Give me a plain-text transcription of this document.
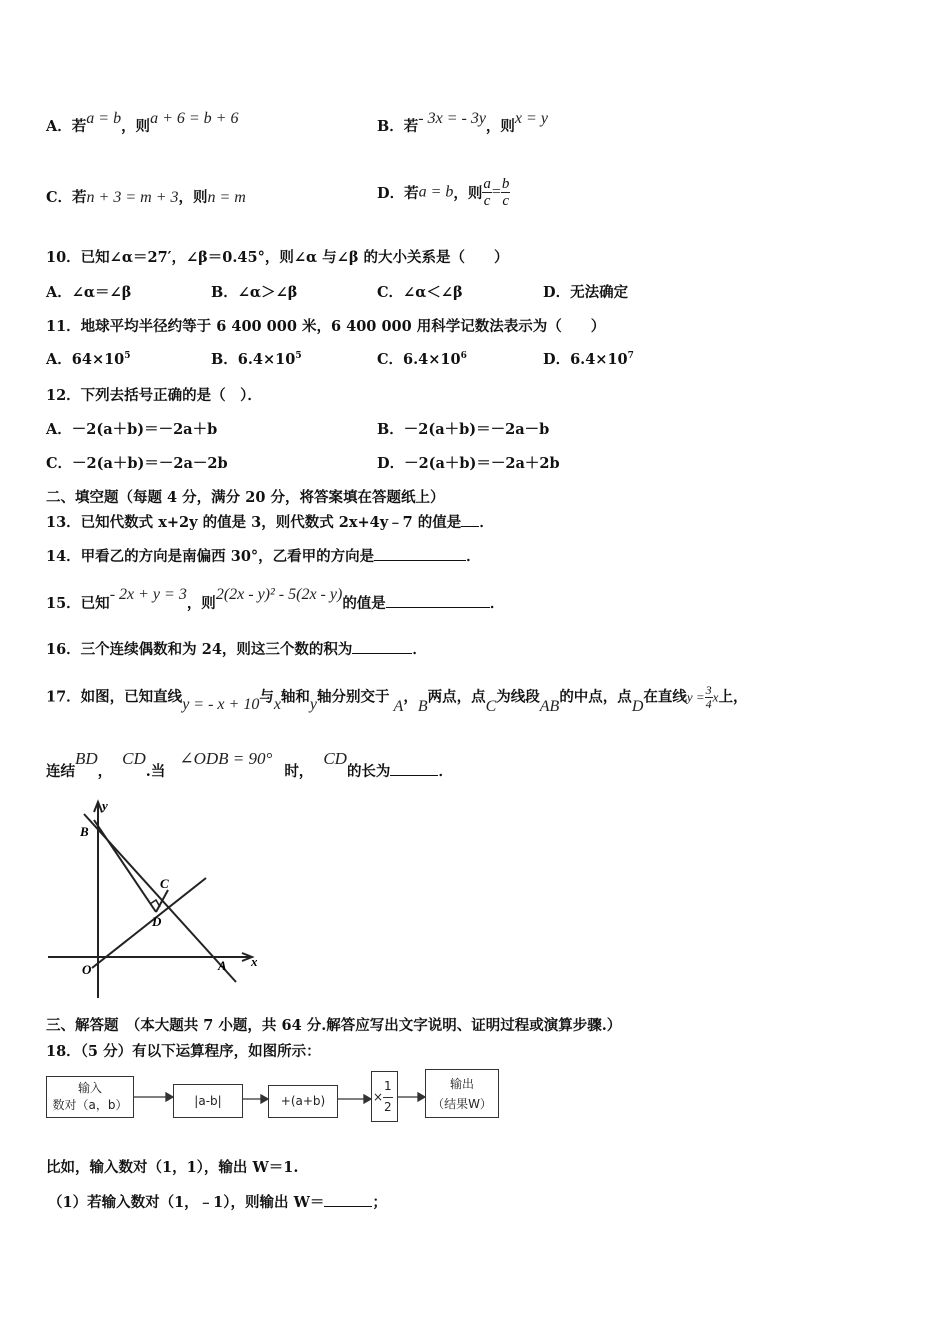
A．若a = b，则a + 6 = b + 6	B．若- 3x = - 3y，则x = y
C．若n + 3 = m + 3，则n = m	D．若a = b，则 $\frac{a}{c} = \frac{b}{c}$
10．已知∠α＝27′，∠β＝0.45°，则∠α 与∠β 的大小关系是（　　）
A．∠α＝∠β	B．∠α＞∠β	C．∠α＜∠β	D．无法确定
11．地球平均半径约等于 6 400 000 米，6 400 000 用科学记数法表示为（　　）
A．$64\times 10^5$	B．$6.4\times 10^5$	C．$6.4\times 10^6$	D．$6.4\times 10^7$
12．下列去括号正确的是（　）．
A．－2(a＋b)＝－2a＋b	B．－2(a＋b)＝－2a－b
C．－2(a＋b)＝－2a－2b	D．－2(a＋b)＝－2a＋2b
二、填空题（每题 4 分，满分 20 分，将答案填在答题纸上）
13．已知代数式 x+2y 的值是 3，则代数式 2x+4y﹣7 的值是 ．
14．甲看乙的方向是南偏西 30°，乙看甲的方向是	．
15．已知- 2x + y = 3，则2(2x - y)² - 5(2x - y)的值是	．
16．三个连续偶数和为 24，则这三个数的积为	．
17．如图，已知直线y = - x + 10与x轴和y轴分别交于A，B两点，点C为线段AB的中点，点D在直线$y = \frac{3}{4}$ x上，
连结BD，CD.当∠ODB = 90°时，CD的长为	．
y
B
C
D
O	A x
三、解答题　（本大题共 7 小题，共 64 分.解答应写出文字说明、证明过程或演算步骤.）
18．（5 分）有以下运算程序，如图所示：
输入
数对（a，b）	|a-b|	+(a+b)	×
1
2
输出
（结果W）
比如，输入数对（1，1），输出 W＝1.
（1）若输入数对（1，﹣1），则输出 W＝	；
